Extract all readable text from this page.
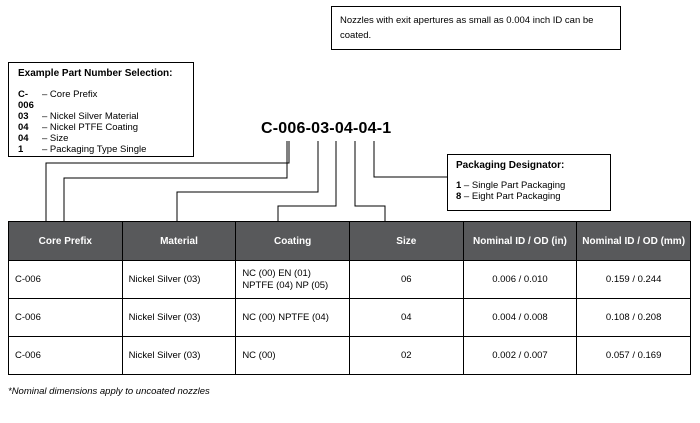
Nozzles with exit apertures as small as 0.004 inch ID can be coated.
Example Part Number Selection:
C-006
– Core Prefix
03	– Nickel Silver Material
04	– Nickel PTFE Coating
04	– Size
1	– Packaging Type Single
C-006-03-04-04-1
Packaging Designator:
1 – Single Part Packaging
8 – Eight Part Packaging
Core Prefix	Material	Coating	Size	Nominal ID / OD (in)	Nominal ID / OD (mm)
C-006	Nickel Silver (03)	NC (00) EN (01)
NPTFE (04) NP (05)	06	0.006 / 0.010	0.159 / 0.244
C-006	Nickel Silver (03)	NC (00) NPTFE (04)	04	0.004 / 0.008	0.108 / 0.208
C-006	Nickel Silver (03)	NC (00)	02	0.002 / 0.007	0.057 / 0.169
*Nominal dimensions apply to uncoated nozzles
